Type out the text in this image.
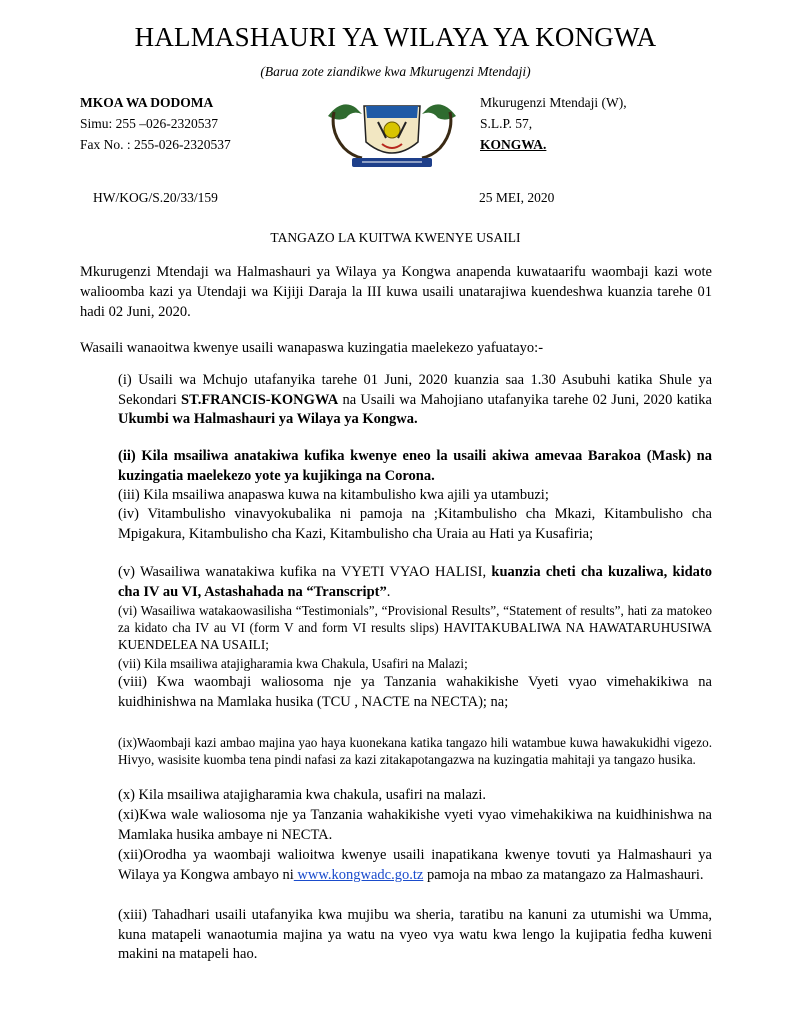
HALMASHAURI YA WILAYA YA KONGWA
(Barua zote ziandikwe kwa Mkurugenzi Mtendaji)
MKOA WA DODOMA
Simu: 255 –026-2320537
Fax No. : 255-026-2320537
Mkurugenzi Mtendaji (W),
S.L.P. 57,
KONGWA.
HW/KOG/S.20/33/159	25 MEI, 2020
TANGAZO LA KUITWA KWENYE USAILI
Mkurugenzi Mtendaji wa Halmashauri ya Wilaya ya Kongwa anapenda kuwataarifu waombaji kazi wote walioomba kazi ya Utendaji wa Kijiji Daraja la III kuwa usaili unatarajiwa kuendeshwa kuanzia tarehe 01 hadi 02 Juni, 2020.
Wasaili wanaoitwa kwenye usaili wanapaswa kuzingatia maelekezo yafuatayo:-
(i) Usaili wa Mchujo utafanyika tarehe 01 Juni, 2020 kuanzia saa 1.30 Asubuhi katika Shule ya Sekondari ST.FRANCIS-KONGWA na Usaili wa Mahojiano utafanyika tarehe 02 Juni, 2020 katika Ukumbi wa Halmashauri ya Wilaya ya Kongwa.
(ii) Kila msailiwa anatakiwa kufika kwenye eneo la usaili akiwa amevaa Barakoa (Mask) na kuzingatia maelekezo yote ya kujikinga na Corona.
(iii) Kila msailiwa anapaswa kuwa na kitambulisho kwa ajili ya utambuzi;
(iv) Vitambulisho vinavyokubalika ni pamoja na ;Kitambulisho cha Mkazi, Kitambulisho cha Mpigakura, Kitambulisho cha Kazi, Kitambulisho cha Uraia au Hati ya Kusafiria;
(v) Wasailiwa wanatakiwa kufika na VYETI VYAO HALISI, kuanzia cheti cha kuzaliwa, kidato cha IV au VI, Astashahada na “Transcript”.
(vi) Wasailiwa watakaowasilisha “Testimonials”, “Provisional Results”, “Statement of results”, hati za matokeo za kidato cha IV au VI (form V and form VI results slips) HAVITAKUBALIWA NA HAWATARUHUSIWA KUENDELEA NA USAILI;
(vii) Kila msailiwa atajigharamia kwa Chakula, Usafiri na Malazi;
(viii) Kwa waombaji waliosoma nje ya Tanzania wahakikishe Vyeti vyao vimehakikiwa na kuidhinishwa na Mamlaka husika (TCU , NACTE na NECTA); na;
(ix)Waombaji kazi ambao majina yao haya kuonekana katika tangazo hili watambue kuwa hawakukidhi vigezo. Hivyo, wasisite kuomba tena pindi nafasi za kazi zitakapotangazwa na kuzingatia mahitaji ya tangazo husika.
(x) Kila msailiwa atajigharamia kwa chakula, usafiri na malazi.
(xi)Kwa wale waliosoma nje ya Tanzania wahakikishe vyeti vyao vimehakikiwa na kuidhinishwa na Mamlaka husika ambaye ni NECTA.
(xii)Orodha ya waombaji walioitwa kwenye usaili inapatikana kwenye tovuti ya Halmashauri ya Wilaya ya Kongwa ambayo ni www.kongwadc.go.tz pamoja na mbao za matangazo za Halmashauri.
(xiii) Tahadhari usaili utafanyika kwa mujibu wa sheria, taratibu na kanuni za utumishi wa Umma, kuna matapeli wanaotumia majina ya watu na vyeo vya watu kwa lengo la kujipatia fedha kuweni makini na matapeli hao.
